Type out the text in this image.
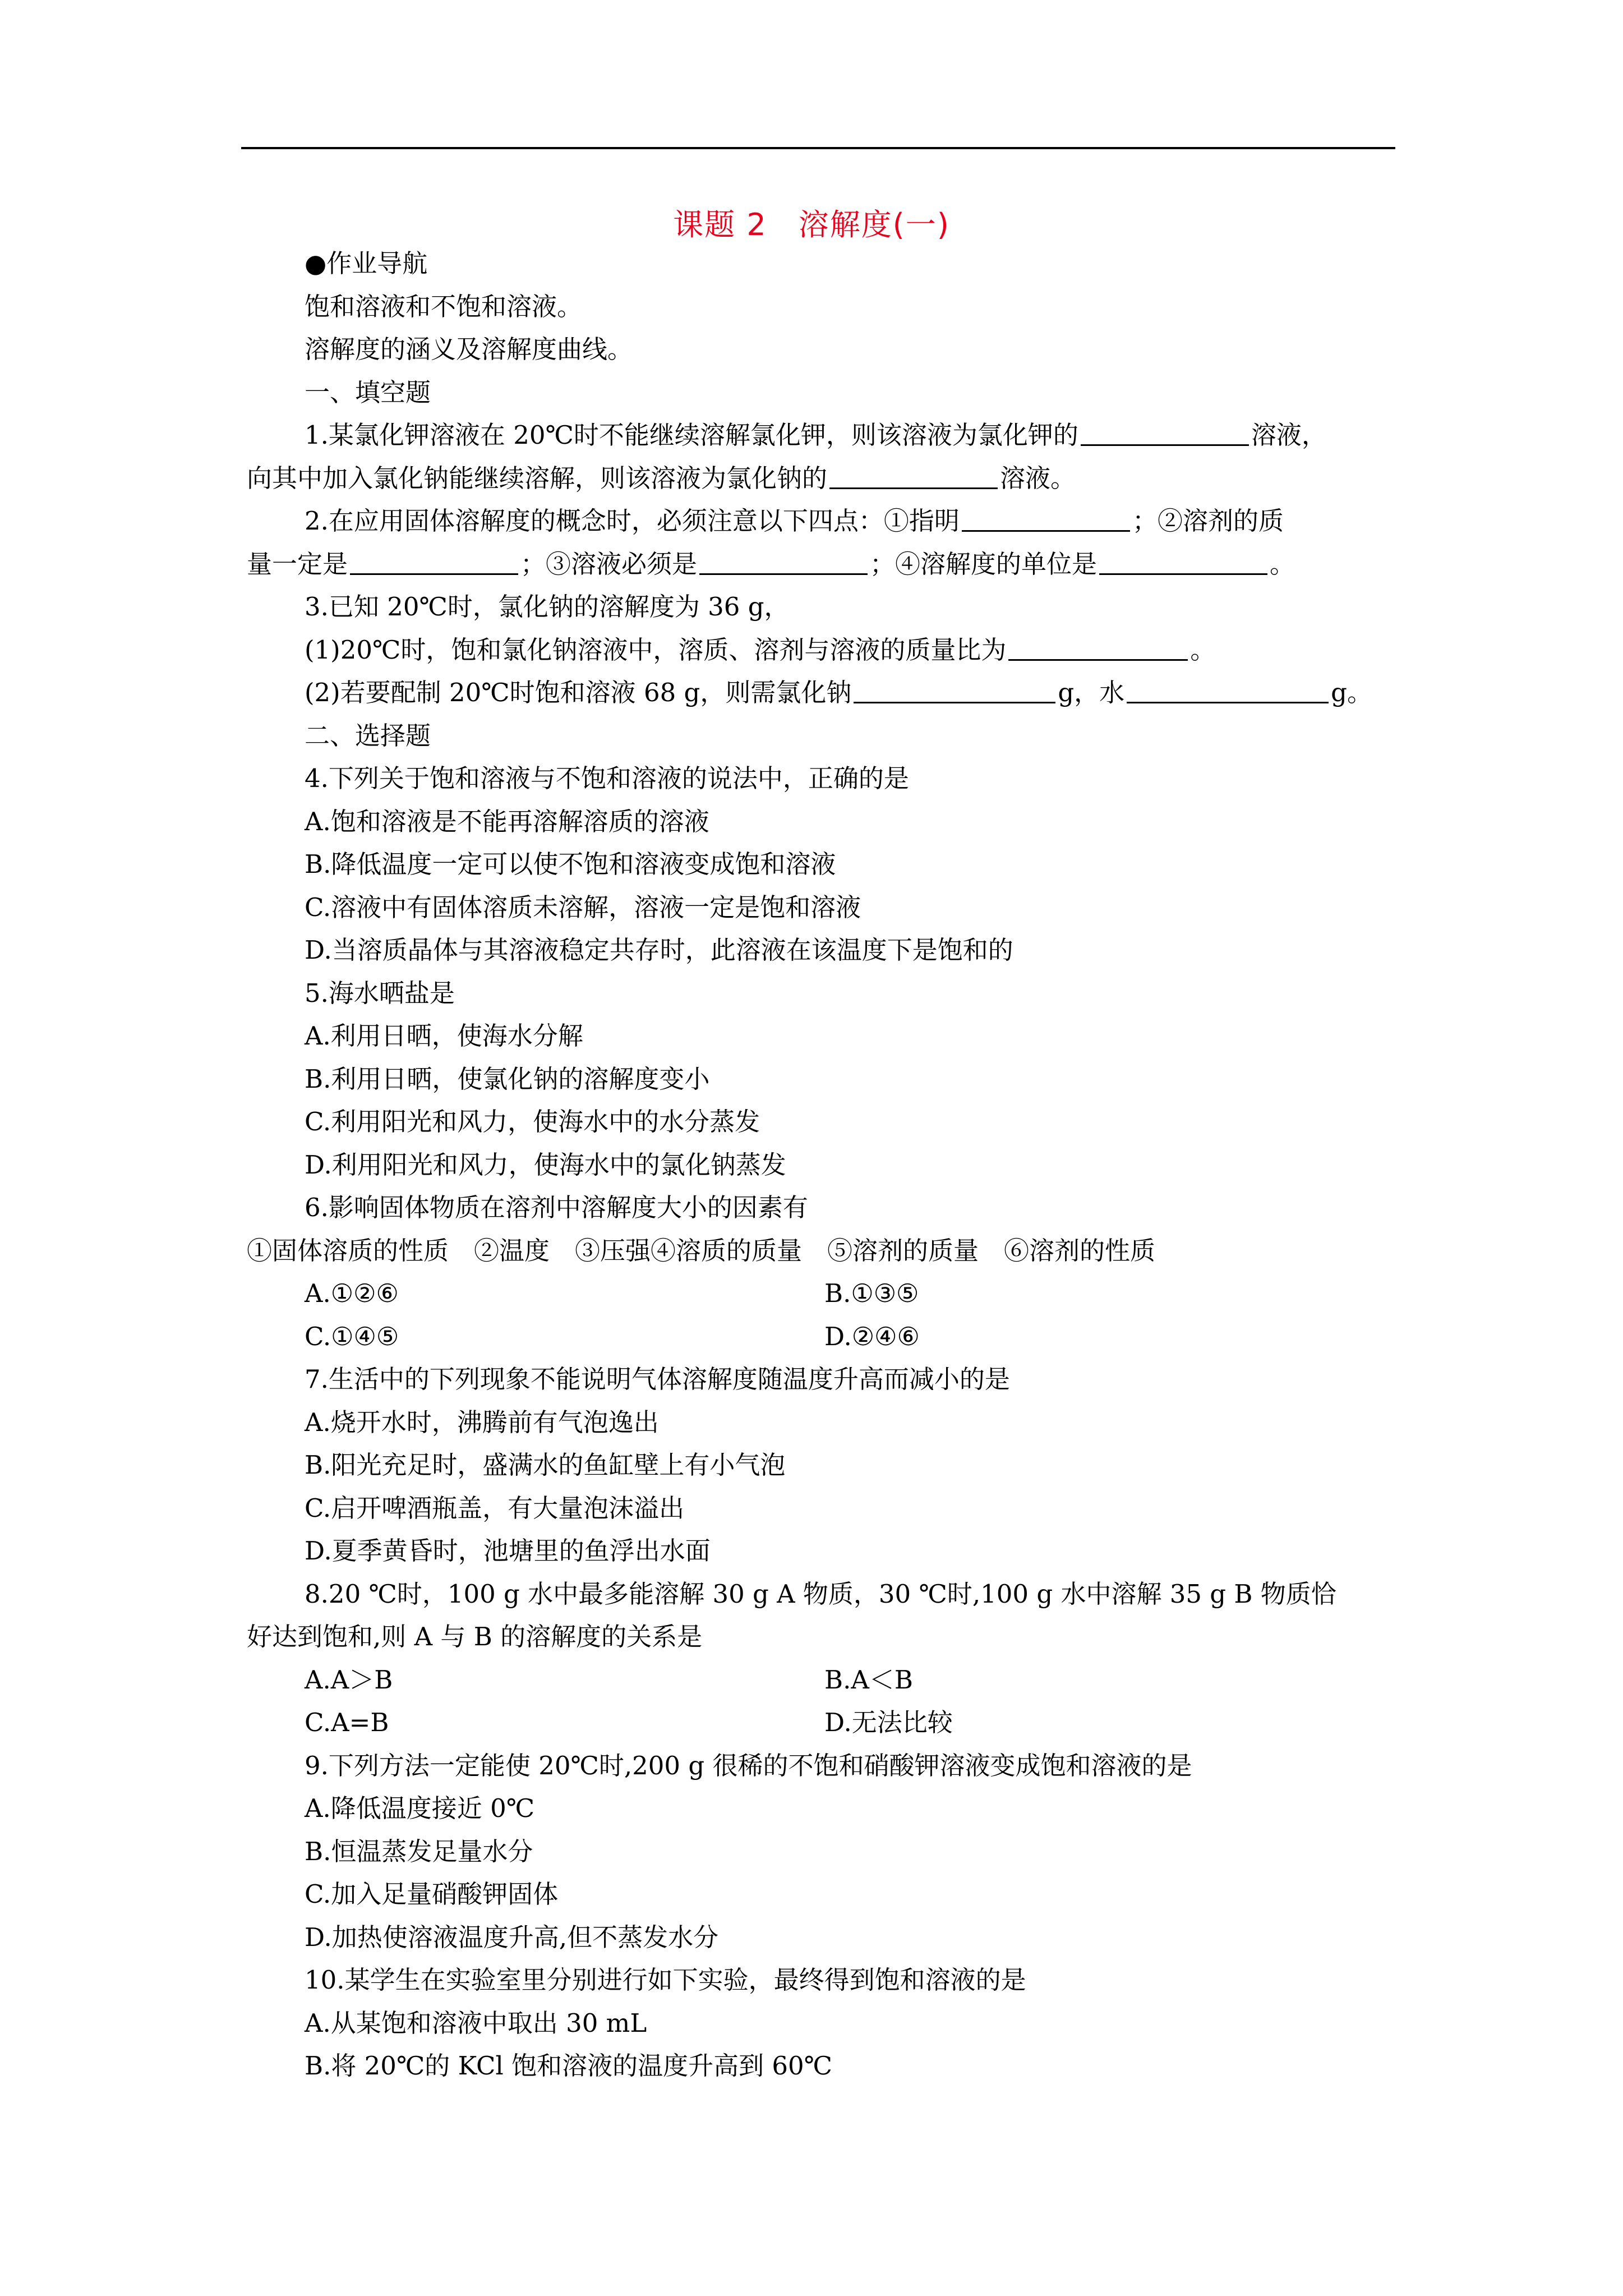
课题 2　溶解度(一)
●作业导航
饱和溶液和不饱和溶液。
溶解度的涵义及溶解度曲线。
一、填空题
1.某氯化钾溶液在 20℃时不能继续溶解氯化钾，则该溶液为氯化钾的	溶液，
向其中加入氯化钠能继续溶解，则该溶液为氯化钠的	溶液。
2.在应用固体溶解度的概念时，必须注意以下四点：①指明	；②溶剂的质
量一定是	；③溶液必须是	；④溶解度的单位是	。
3.已知 20℃时，氯化钠的溶解度为 36 g，
(1)20℃时，饱和氯化钠溶液中，溶质、溶剂与溶液的质量比为	。
(2)若要配制 20℃时饱和溶液 68 g，则需氯化钠	g，水	g。
二、选择题
4.下列关于饱和溶液与不饱和溶液的说法中，正确的是
A.饱和溶液是不能再溶解溶质的溶液
B.降低温度一定可以使不饱和溶液变成饱和溶液
C.溶液中有固体溶质未溶解，溶液一定是饱和溶液
D.当溶质晶体与其溶液稳定共存时，此溶液在该温度下是饱和的
5.海水晒盐是
A.利用日晒，使海水分解
B.利用日晒，使氯化钠的溶解度变小
C.利用阳光和风力，使海水中的水分蒸发
D.利用阳光和风力，使海水中的氯化钠蒸发
6.影响固体物质在溶剂中溶解度大小的因素有
①固体溶质的性质　②温度　③压强④溶质的质量　⑤溶剂的质量　⑥溶剂的性质
A.①②⑥	B.①③⑤
C.①④⑤	D.②④⑥
7.生活中的下列现象不能说明气体溶解度随温度升高而减小的是
A.烧开水时，沸腾前有气泡逸出
B.阳光充足时，盛满水的鱼缸壁上有小气泡
C.启开啤酒瓶盖，有大量泡沫溢出
D.夏季黄昏时，池塘里的鱼浮出水面
8.20 ℃时，100 g 水中最多能溶解 30 g A 物质，30 ℃时,100 g 水中溶解 35 g B 物质恰
好达到饱和,则 A 与 B 的溶解度的关系是
A.A＞B	B.A＜B
C.A=B	D.无法比较
9.下列方法一定能使 20℃时,200 g 很稀的不饱和硝酸钾溶液变成饱和溶液的是
A.降低温度接近 0℃
B.恒温蒸发足量水分
C.加入足量硝酸钾固体
D.加热使溶液温度升高,但不蒸发水分
10.某学生在实验室里分别进行如下实验，最终得到饱和溶液的是
A.从某饱和溶液中取出 30 mL
B.将 20℃的 KCl 饱和溶液的温度升高到 60℃
